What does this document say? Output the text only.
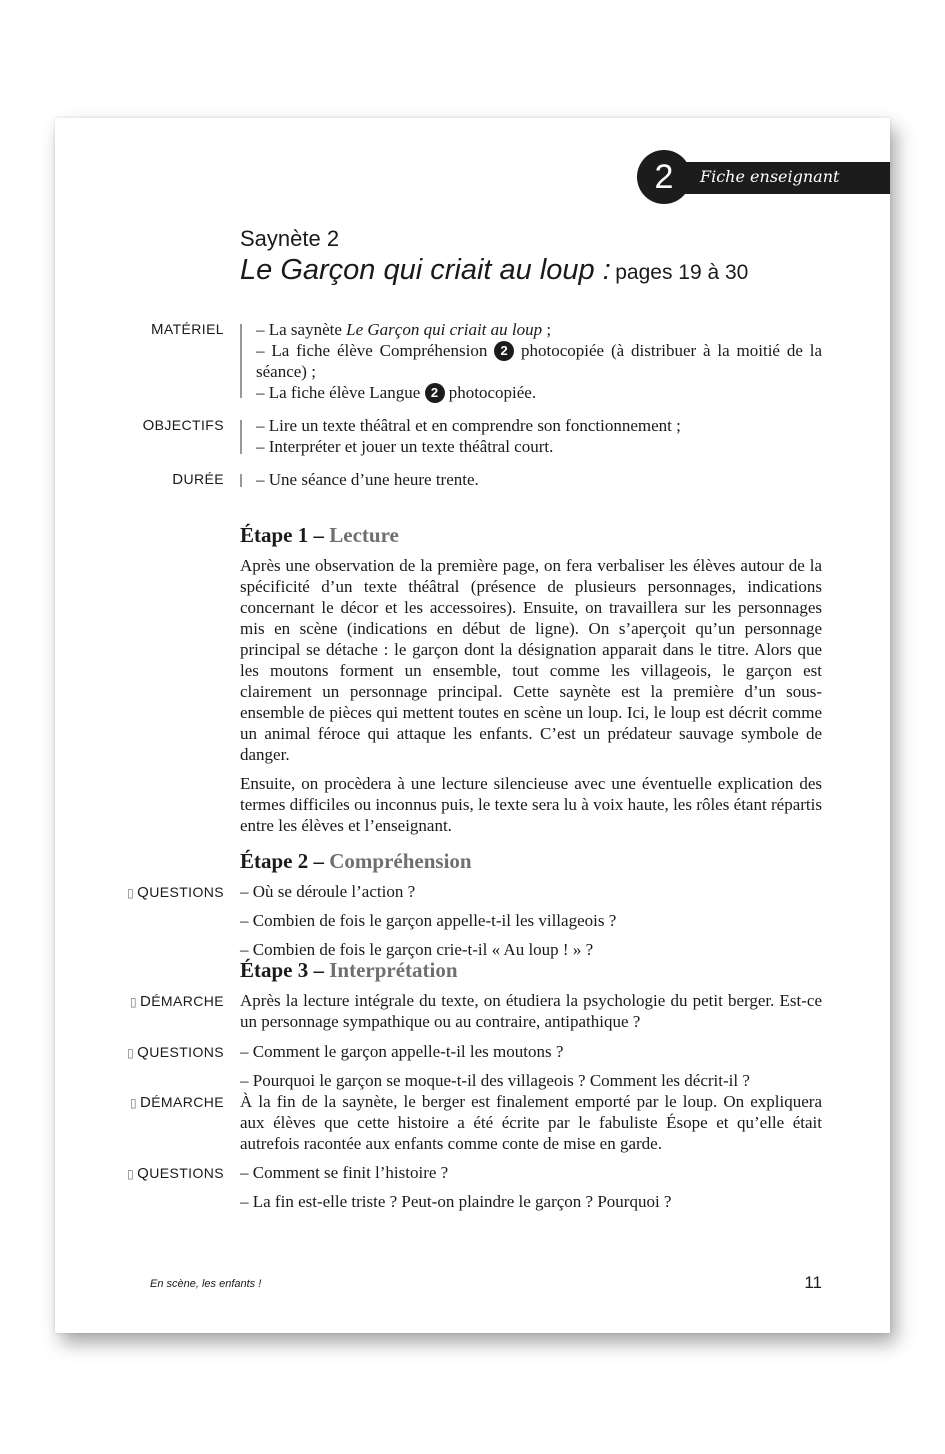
2	Fiche enseignant
Saynète 2
Le Garçon qui criait au loup : pages 19 à 30
MATÉRIEL – La saynète Le Garçon qui criait au loup ;

– La fiche élève Compréhension 2 photocopiée (à distribuer à la moitié de la séance) ;

– La fiche élève Langue 2 photocopiée.

OBJECTIFS – Lire un texte théâtral et en comprendre son fonctionnement ;

– Interpréter et jouer un texte théâtral court.

DURÉE – Une séance d’une heure trente.

Étape 1 – Lecture

Après une observation de la première page, on fera verbaliser les élèves autour de la spécificité d’un texte théâtral (présence de plusieurs personnages, indications concernant le décor et les accessoires). Ensuite, on travaillera sur les personnages mis en scène (indications en début de ligne). On s’aperçoit qu’un personnage principal se détache : le garçon dont la désignation apparait dans le titre. Alors que les moutons forment un ensemble, tout comme les villageois, le garçon est clairement un personnage principal. Cette saynète est la première d’un sous-ensemble de pièces qui mettent toutes en scène un loup. Ici, le loup est décrit comme un animal féroce qui attaque les enfants. C’est un prédateur sauvage symbole de danger.

Ensuite, on procèdera à une lecture silencieuse avec une éventuelle explication des termes difficiles ou inconnus puis, le texte sera lu à voix haute, les rôles étant répartis entre les élèves et l’enseignant.

Étape 2 – Compréhension
▯ QUESTIONS – Où se déroule l’action ?

– Combien de fois le garçon appelle-t-il les villageois ?

– Combien de fois le garçon crie-t-il « Au loup ! » ?

Étape 3 – Interprétation
▯ DÉMARCHE Après la lecture intégrale du texte, on étudiera la psychologie du petit berger. Est-ce un personnage sympathique ou au contraire, antipathique ?

▯ QUESTIONS – Comment le garçon appelle-t-il les moutons ?

– Pourquoi le garçon se moque-t-il des villageois ? Comment les décrit-il ?

▯ DÉMARCHE À la fin de la saynète, le berger est finalement emporté par le loup. On expliquera aux élèves que cette histoire a été écrite par le fabuliste Ésope et qu’elle était autrefois racontée aux enfants comme conte de mise en garde.

▯ QUESTIONS – Comment se finit l’histoire ?

– La fin est-elle triste ? Peut-on plaindre le garçon ? Pourquoi ?

En scène, les enfants !	11
